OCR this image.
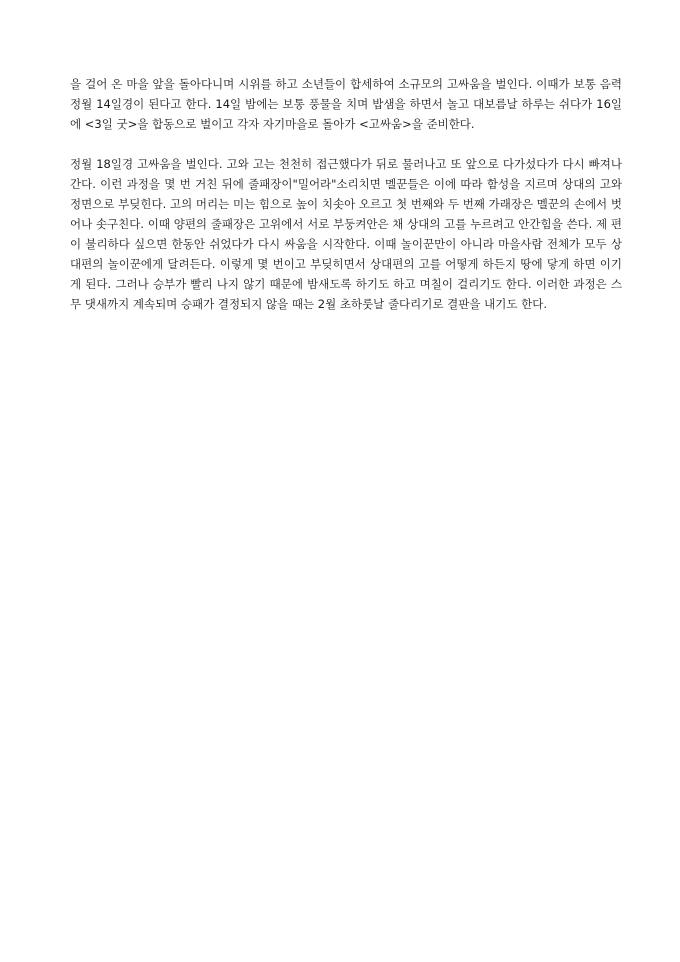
을 걸어 온 마을 앞을 돌아다니며 시위를 하고 소년들이 합세하여 소규모의 고싸움을 벌인다. 이때가 보통 음력 정월 14일경이 된다고 한다. 14일 밤에는 보통 풍물을 치며 밥샘을 하면서 놀고 대보름날 하루는 쉬다가 16일에 <3일 굿>을 합동으로 벌이고 각자 자기마을로 돌아가 <고싸움>을 준비한다.

정월 18일경 고싸움을 벌인다. 고와 고는 천천히 접근했다가 뒤로 물러나고 또 앞으로 다가섰다가 다시 빠져나간다. 이런 과정을 몇 번 거친 뒤에 줄패장이"밀어라"소리치면 멜꾼들은 이에 따라 함성을 지르며 상대의 고와 정면으로 부딪힌다. 고의 머리는 미는 힘으로 높이 치솟아 오르고 첫 번째와 두 번째 가래장은 멜꾼의 손에서 벗어나 솟구친다. 이때 양편의 줄패장은 고위에서 서로 부둥켜안은 채 상대의 고를 누르려고 안간힘을 쓴다. 제 편이 불리하다 싶으면 한동안 쉬었다가 다시 싸움을 시작한다. 이때 놀이꾼만이 아니라 마을사람 전체가 모두 상대편의 놀이꾼에게 달려든다. 이렇게 몇 번이고 부딪히면서 상대편의 고를 어떻게 하든지 땅에 닿게 하면 이기게 된다. 그러나 승부가 빨리 나지 않기 때문에 밤새도록 하기도 하고 며칠이 걸리기도 한다. 이러한 과정은 스무 댓새까지 계속되며 승패가 결정되지 않을 때는 2월 초하룻날 줄다리기로 결판을 내기도 한다.
